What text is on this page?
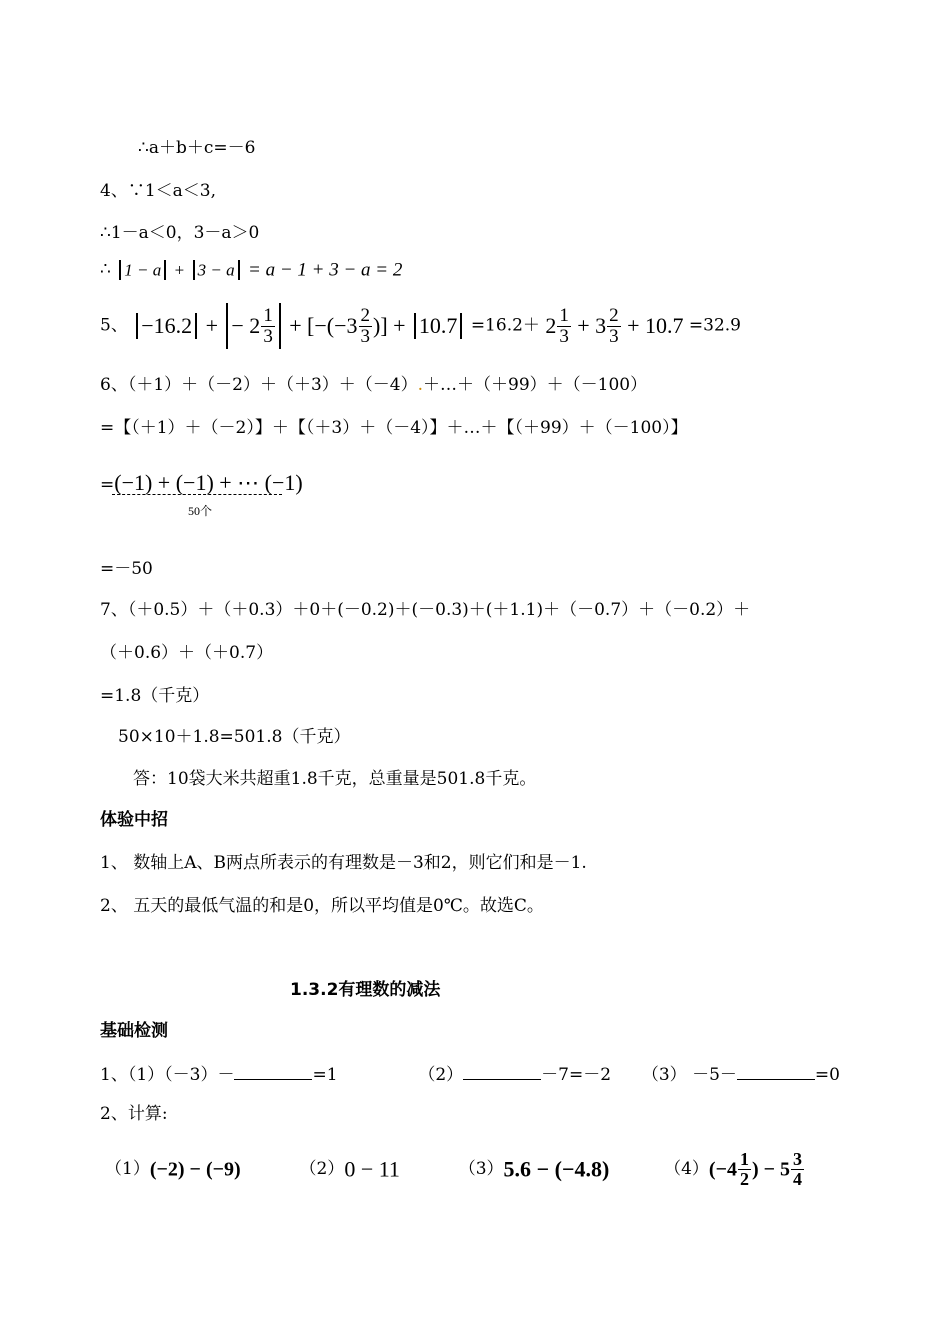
∴a＋b＋c=－6
4、∵1＜a＜3,
∴1－a＜0，3－a＞0
∴ 1 − a + 3 − a = a − 1 + 3 − a = 2
5、 −16.2 + − $2 \frac{1}{3} + [-(-3 \frac{2}{3}$ )] + $10.7 =16.2+ 2 \frac{1}{3} + 3 \frac{2}{3} + 10.7 =32.9$
6、（＋1）＋（－2）＋（＋3）＋（－4）.＋…＋（＋99）＋（－100）
=【（＋1）＋（－2）】＋【（＋3）＋（－4）】＋…＋【（＋99）＋（－100）】
=(−1) + (−1) + ⋯ (−1)
50个
=－50
7、（＋0.5）＋（＋0.3）＋0＋(－0.2)＋(－0.3)＋(＋1.1)＋（－0.7）＋（－0.2）＋
（＋0.6）＋（＋0.7）
=1.8（千克）
50×10＋1.8=501.8（千克）
答：10袋大米共超重1.8千克，总重量是501.8千克。
体验中招
1、 数轴上A、B两点所表示的有理数是－3和2，则它们和是－1.
2、 五天的最低气温的和是0，所以平均值是0℃。故选C。
1.3.2有理数的减法
基础检测
1、（1）（－3）－	=1	（2）	－7=－2 （3） －5－	=0
2、计算:
（1）(−2) − (−9)	（2）0 − 11	（3）5.6 − (−4.8)	$(4)(-4 \frac{1}{2}$ ) − $5 \frac{3}{4}$
